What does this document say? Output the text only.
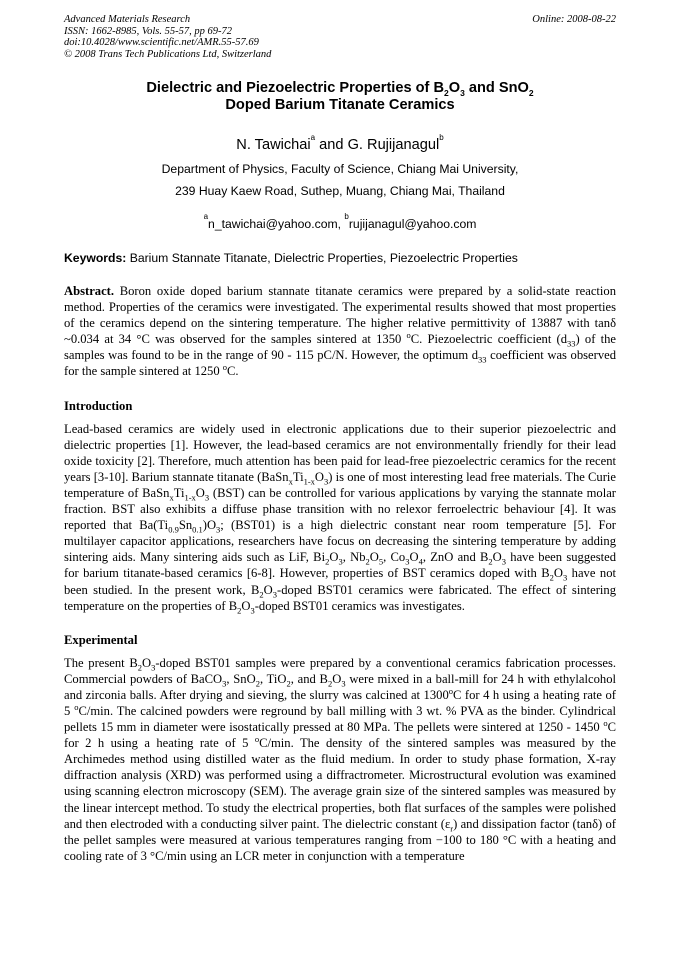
Advanced Materials Research	Online: 2008-08-22
ISSN: 1662-8985, Vols. 55-57, pp 69-72
doi:10.4028/www.scientific.net/AMR.55-57.69
© 2008 Trans Tech Publications Ltd, Switzerland
Dielectric and Piezoelectric Properties of $B_2O_3$ and SnO$_2$
Doped Barium Titanate Ceramics
N. Tawichai$^a$ and G. Rujijanagul$^b$
Department of Physics, Faculty of Science, Chiang Mai University,
239 Huay Kaew Road, Suthep, Muang, Chiang Mai, Thailand
$^a$n_tawichai@yahoo.com, $^b$rujijanagul@yahoo.com
Keywords: Barium Stannate Titanate, Dielectric Properties, Piezoelectric Properties
Abstract. Boron oxide doped barium stannate titanate ceramics were prepared by a solid-state reaction method. Properties of the ceramics were investigated. The experimental results showed that most properties of the ceramics depend on the sintering temperature. The higher relative permittivity of 13887 with tanδ ~0.034 at 34 °C was observed for the samples sintered at 1350 $^o$C. Piezoelectric coefficient $(d_{33})$ of the samples was found to be in the range of 90 - 115 pC/N. However, the optimum $d_{33}$ coefficient was observed for the sample sintered at 1250 $^o$C.
Introduction
Lead-based ceramics are widely used in electronic applications due to their superior piezoelectric and dielectric properties [1]. However, the lead-based ceramics are not environmentally friendly for their lead oxide toxicity [2]. Therefore, much attention has been paid for lead-free piezoelectric ceramics for the recent years [3-10]. Barium stannate titanate $(BaSn_xTi_{1-x}O_3)$ is one of most interesting lead free materials. The Curie temperature of $BaSn_xTi_{1-x}O_3$ (BST) can be controlled for various applications by varying the stannate molar fraction. BST also exhibits a diffuse phase transition with no relexor ferroelectric behaviour [4]. It was reported that $Ba(Ti_{0.9}Sn_{0.1})O_3$; (BST01) is a high dielectric constant near room temperature [5]. For multilayer capacitor applications, researchers have focus on decreasing the sintering temperature by adding sintering aids. Many sintering aids such as LiF, $Bi_2O_3$, $Nb_2O_5$, $Co_3O_4$, ZnO and $B_2O_3$ have been suggested for barium titanate-based ceramics [6-8]. However, properties of BST ceramics doped with $B_2O_3$ have not been studied. In the present work, $B_2O_3$-doped BST01 ceramics were fabricated. The effect of sintering temperature on the properties of $B_2O_3$-doped BST01 ceramics was investigates.
Experimental
The present $B_2O_3$-doped BST01 samples were prepared by a conventional ceramics fabrication processes. Commercial powders of BaCO$_3$, SnO$_2$, TiO$_2$, and $B_2O_3$ were mixed in a ball-mill for 24 h with ethylalcohol and zirconia balls. After drying and sieving, the slurry was calcined at 1300$^o$C for 4 h using a heating rate of 5 $^o$C/min. The calcined powders were reground by ball milling with 3 wt. % PVA as the binder. Cylindrical pellets 15 mm in diameter were isostatically pressed at 80 MPa. The pellets were sintered at 1250 - 1450 $^o$C for 2 h using a heating rate of 5 $^o$C/min. The density of the sintered samples was measured by the Archimedes method using distilled water as the fluid medium. In order to study phase formation, X-ray diffraction analysis (XRD) was performed using a diffractrometer. Microstructural evolution was examined using scanning electron microscopy (SEM). The average grain size of the sintered samples was measured by the linear intercept method. To study the electrical properties, both flat surfaces of the samples were polished and then electroded with a conducting silver paint. The dielectric constant $(\varepsilon_r)$ and dissipation factor (tanδ) of the pellet samples were measured at various temperatures ranging from −100 to 180 °C with a heating and cooling rate of 3 °C/min using an LCR meter in conjunction with a temperature
